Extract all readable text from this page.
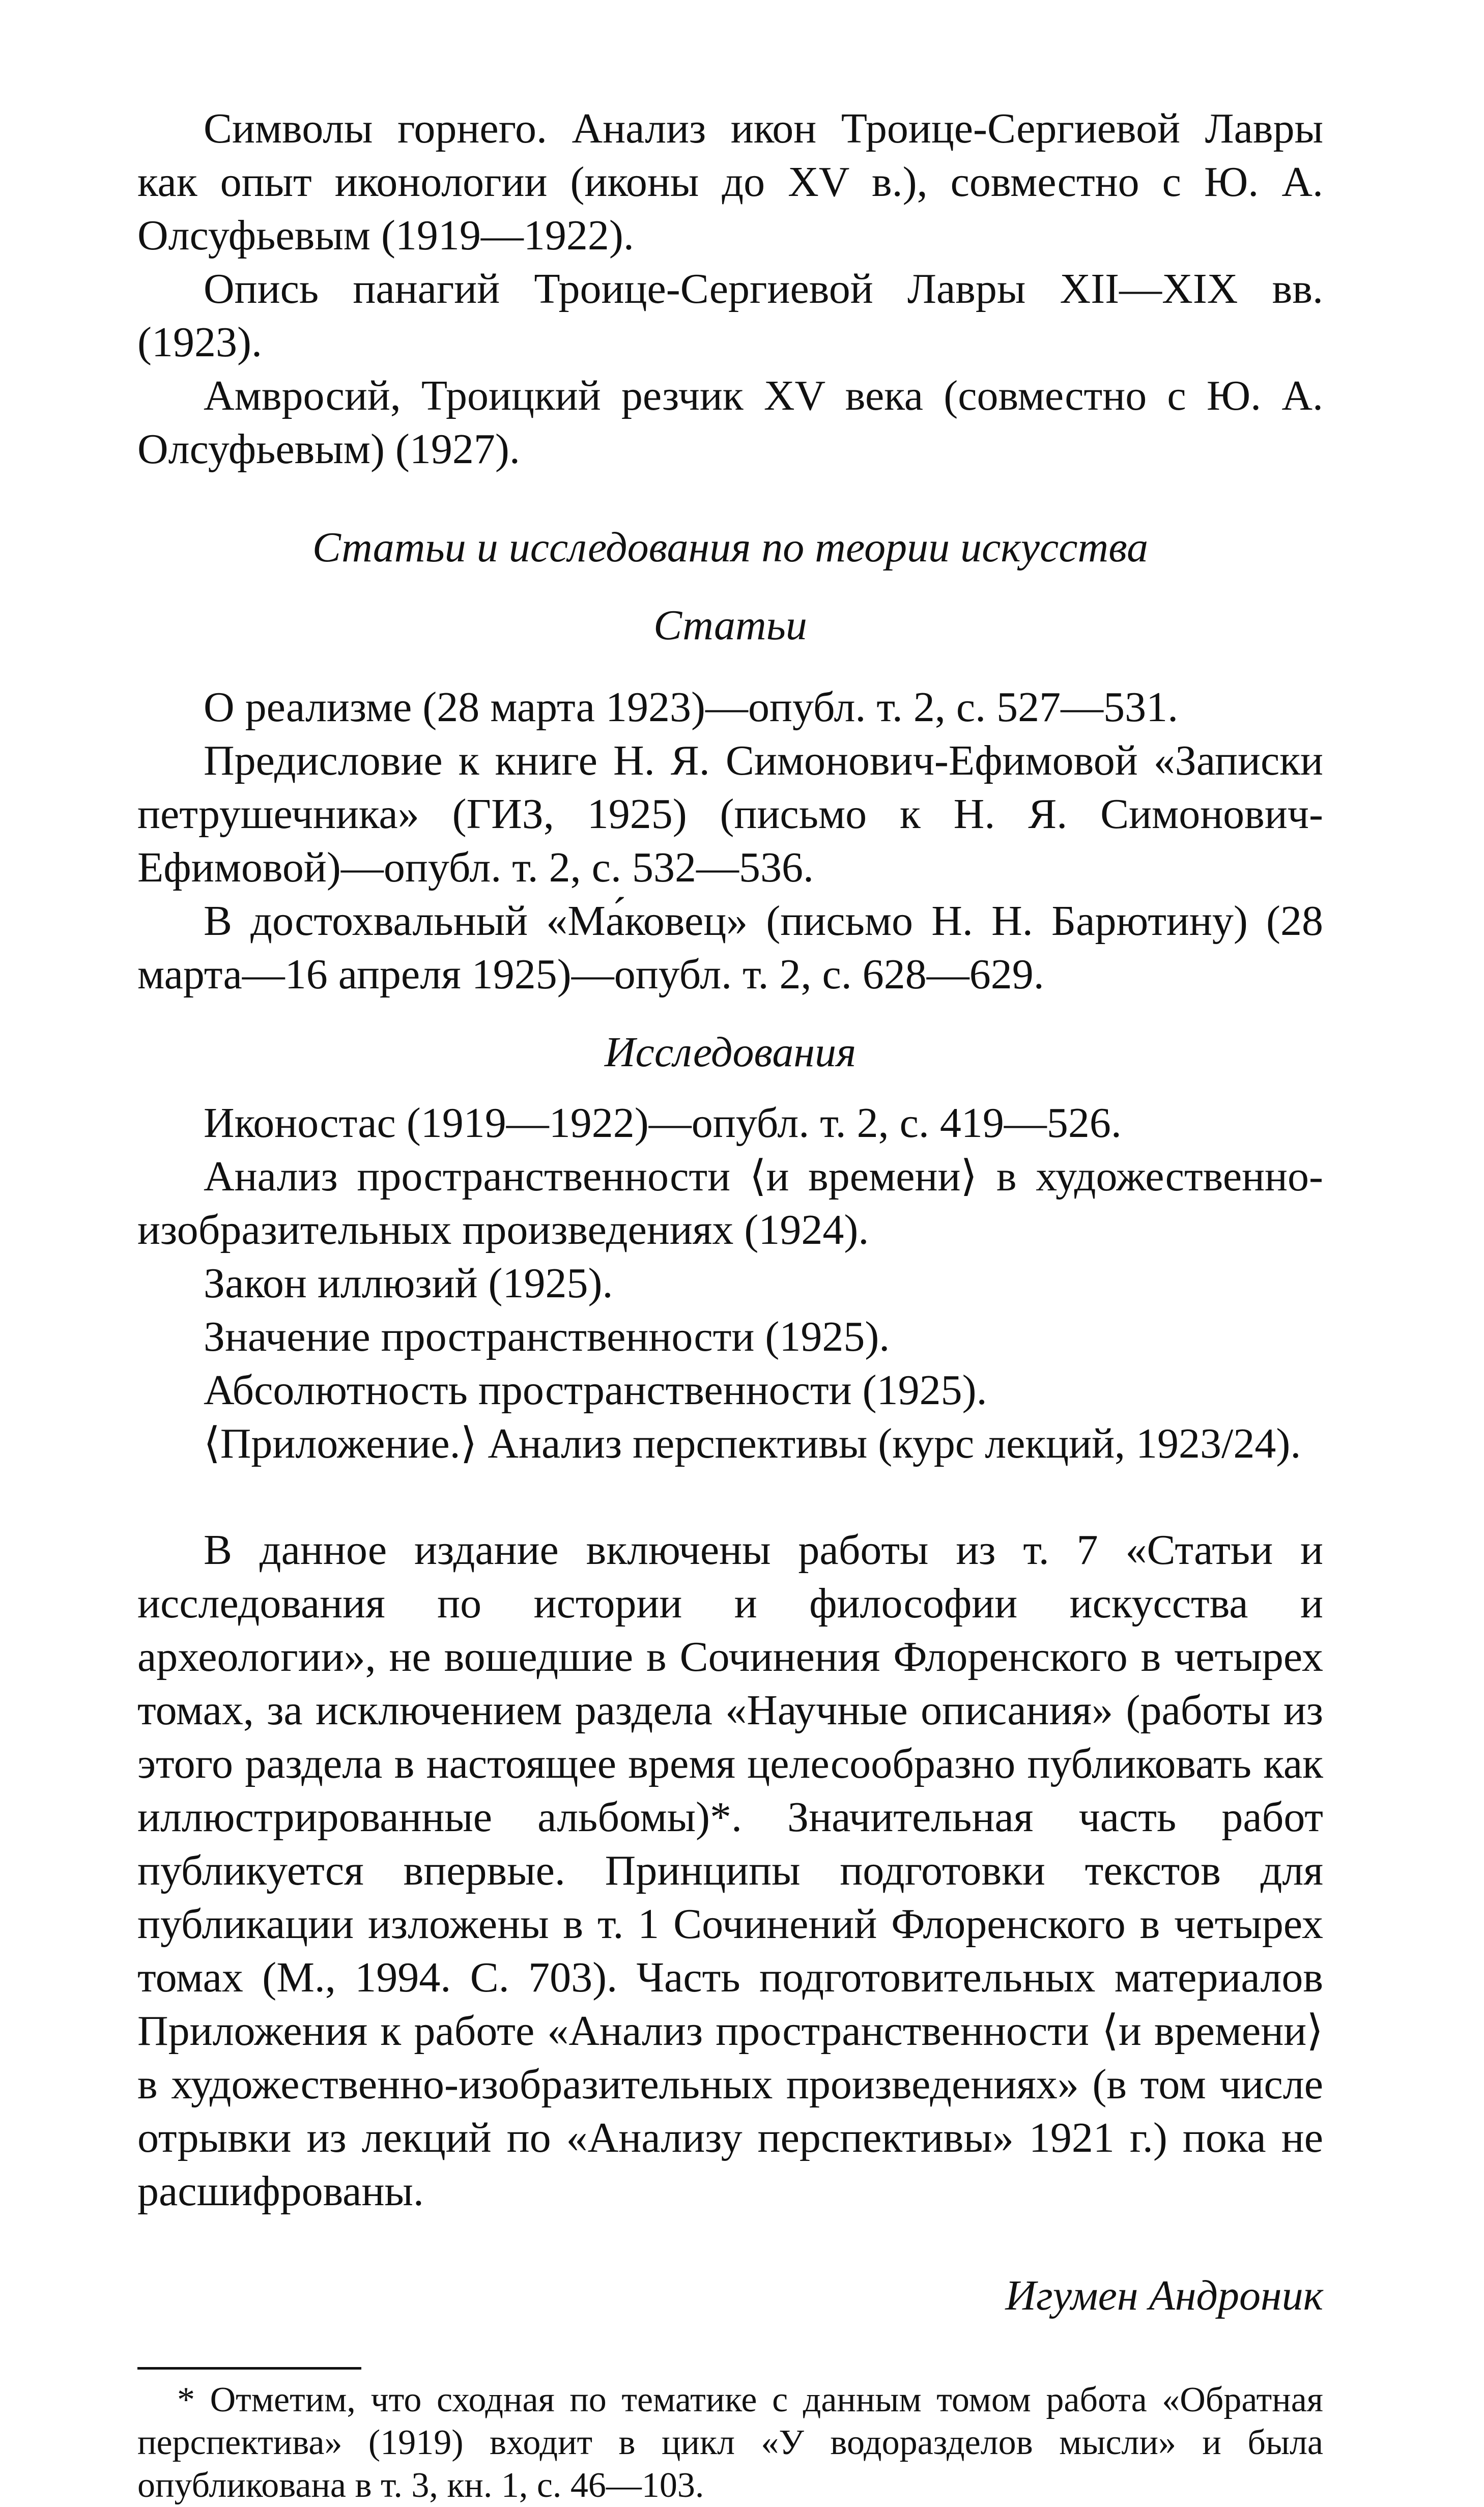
Символы горнего. Анализ икон Троице-Сергиевой Лавры как опыт иконологии (иконы до XV в.), совместно с Ю. А. Олсуфьевым (1919—1922).

Опись панагий Троице-Сергиевой Лавры XII—XIX вв. (1923).

Амвросий, Троицкий резчик XV века (совместно с Ю. А. Олсуфьевым) (1927).

Статьи и исследования по теории искусства

Статьи

О реализме (28 марта 1923)—опубл. т. 2, с. 527—531.

Предисловие к книге Н. Я. Симонович-Ефимовой «Записки петрушечника» (ГИЗ, 1925) (письмо к Н. Я. Симонович-Ефимовой)—опубл. т. 2, с. 532—536.

В достохвальный «Ма́ковец» (письмо Н. Н. Барютину) (28 марта—16 апреля 1925)—опубл. т. 2, с. 628—629.

Исследования

Иконостас (1919—1922)—опубл. т. 2, с. 419—526.

Анализ пространственности ⟨и времени⟩ в художественно-изобразительных произведениях (1924).

Закон иллюзий (1925).

Значение пространственности (1925).

Абсолютность пространственности (1925).

⟨Приложение.⟩ Анализ перспективы (курс лекций, 1923/24).

В данное издание включены работы из т. 7 «Статьи и исследования по истории и философии искусства и археологии», не вошедшие в Сочинения Флоренского в четырех томах, за исключением раздела «Научные описания» (работы из этого раздела в настоящее время целесообразно публиковать как иллюстрированные альбомы)*. Значительная часть работ публикуется впервые. Принципы подготовки текстов для публикации изложены в т. 1 Сочинений Флоренского в четырех томах (М., 1994. С. 703). Часть подготовительных материалов Приложения к работе «Анализ пространственности ⟨и времени⟩ в художественно-изобразительных произведениях» (в том числе отрывки из лекций по «Анализу перспективы» 1921 г.) пока не расшифрованы.

Игумен Андроник

* Отметим, что сходная по тематике с данным томом работа «Обратная перспектива» (1919) входит в цикл «У водоразделов мысли» и была опубликована в т. 3, кн. 1, с. 46—103.
